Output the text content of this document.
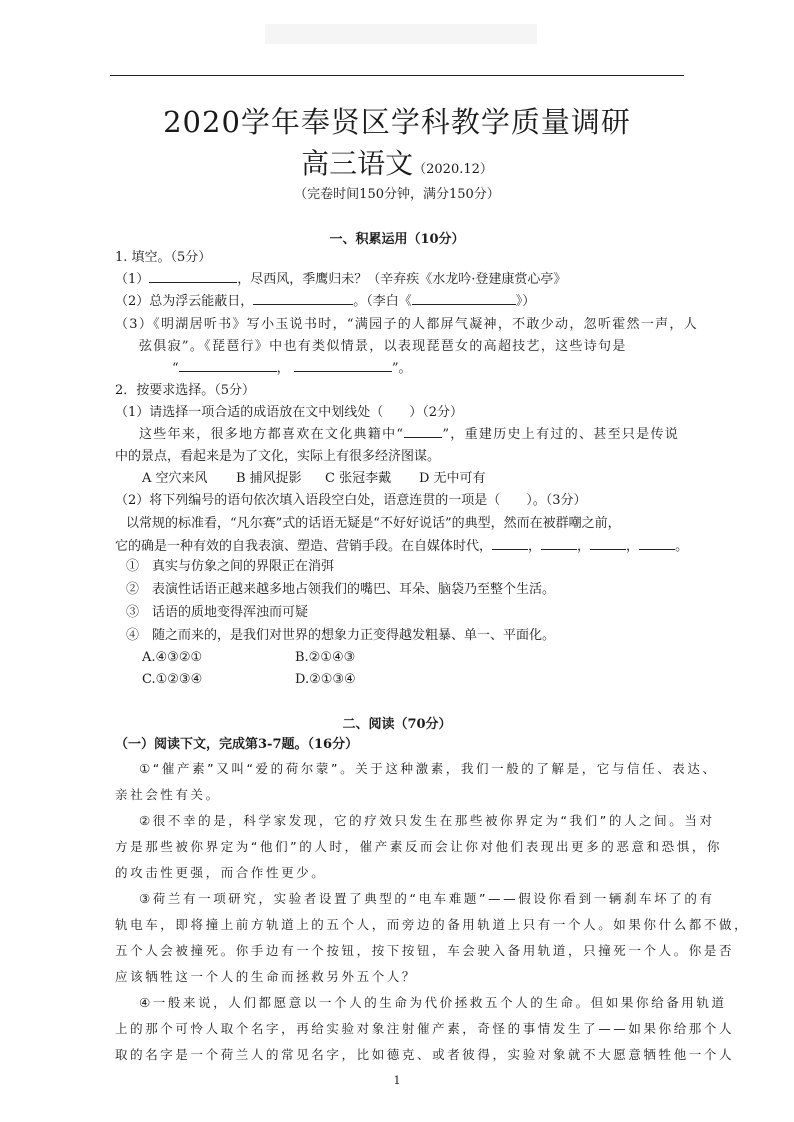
2020学年奉贤区学科教学质量调研
高三语文（2020.12）
（完卷时间150分钟，满分150分）
一、积累运用（10分）
1. 填空。（5分）
（1）	，尽西风，季鹰归未？（辛弃疾《水龙吟·登建康赏心亭》
（2）总为浮云能蔽日，	。（李白《	》）
（3）《明湖居听书》写小玉说书时，“满园子的人都屏气凝神，不敢少动，忽听霍然一声，人
弦俱寂”。《琵琶行》中也有类似情景，以表现琵琶女的高超技艺，这些诗句是
“	，	”。
2．按要求选择。（5分）
（1）请选择一项合适的成语放在文中划线处（　　）（2分）
这些年来，很多地方都喜欢在文化典籍中“	”，重建历史上有过的、甚至只是传说
中的景点，看起来是为了文化，实际上有很多经济图谋。
A 空穴来风 B 捕风捉影 C 张冠李戴 D 无中可有
（2）将下列编号的语句依次填入语段空白处，语意连贯的一项是（　　）。（3分）
以常规的标准看，“凡尔赛”式的话语无疑是“不好好说话”的典型，然而在被群嘲之前，
它的确是一种有效的自我表演、塑造、营销手段。在自媒体时代，	，	，	，	。
①　真实与仿象之间的界限正在消弭
②　表演性话语正越来越多地占领我们的嘴巴、耳朵、脑袋乃至整个生活。
③　话语的质地变得浑浊而可疑
④　随之而来的，是我们对世界的想象力正变得越发粗暴、单一、平面化。
A.④③②①	B.②①④③
C.①②③④	D.②①③④
二、阅读（70分）
（一）阅读下文，完成第3-7题。（16分）
①“催产素”又叫“爱的荷尔蒙”。关于这种激素，我们一般的了解是，它与信任、表达、
亲社会性有关。
②很不幸的是，科学家发现，它的疗效只发生在那些被你界定为“我们”的人之间。当对
方是那些被你界定为“他们”的人时，催产素反而会让你对他们表现出更多的恶意和恐惧，你
的攻击性更强，而合作性更少。
③荷兰有一项研究，实验者设置了典型的“电车难题”——假设你看到一辆刹车坏了的有
轨电车，即将撞上前方轨道上的五个人，而旁边的备用轨道上只有一个人。如果你什么都不做，
五个人会被撞死。你手边有一个按钮，按下按钮，车会驶入备用轨道，只撞死一个人。你是否
应该牺牲这一个人的生命而拯救另外五个人？
④一般来说，人们都愿意以一个人的生命为代价拯救五个人的生命。但如果你给备用轨道
上的那个可怜人取个名字，再给实验对象注射催产素，奇怪的事情发生了——如果你给那个人
取的名字是一个荷兰人的常见名字，比如德克、或者彼得，实验对象就不大愿意牺牲他一个人
1
